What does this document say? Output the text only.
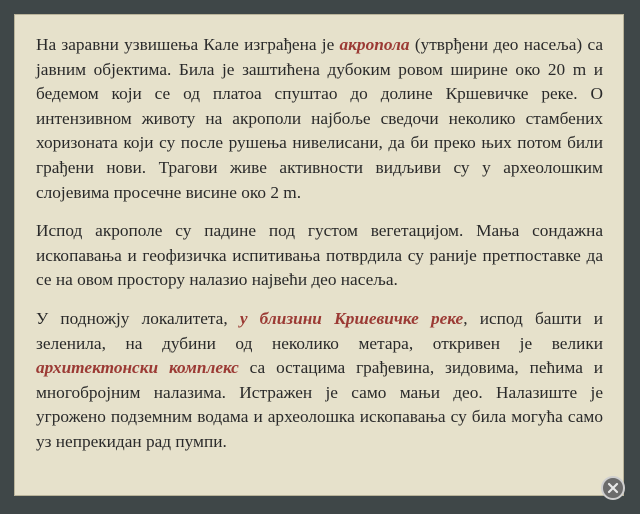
На заравни узвишења Кале изграђена је акропола (утврђени део насеља) са јавним објектима. Била је заштићена дубоким ровом ширине око 20 m и бедемом који се од платоа спуштао до долине Кршевичке реке. О интензивном животу на акрополи најбоље сведочи неколико стамбених хоризоната који су после рушења нивелисани, да би преко њих потом били грађени нови. Трагови живе активности видљиви су у археолошким слојевима просечне висине око 2 m.

Испод акрополе су падине под густом вегетацијом. Мања сондажна ископавања и геофизичка испитивања потврдила су раније претпоставке да се на овом простору налазио највећи део насеља.

У подножју локалитета, у близини Кршевичке реке, испод башти и зеленила, на дубини од неколико метара, откривен је велики архитектонски комплекс са остацима грађевина, зидовима, пећима и многобројним налазима. Истражен је само мањи део. Налазиште је угрожено подземним водама и археолошка ископавања су била могућа само уз непрекидан рад пумпи.
